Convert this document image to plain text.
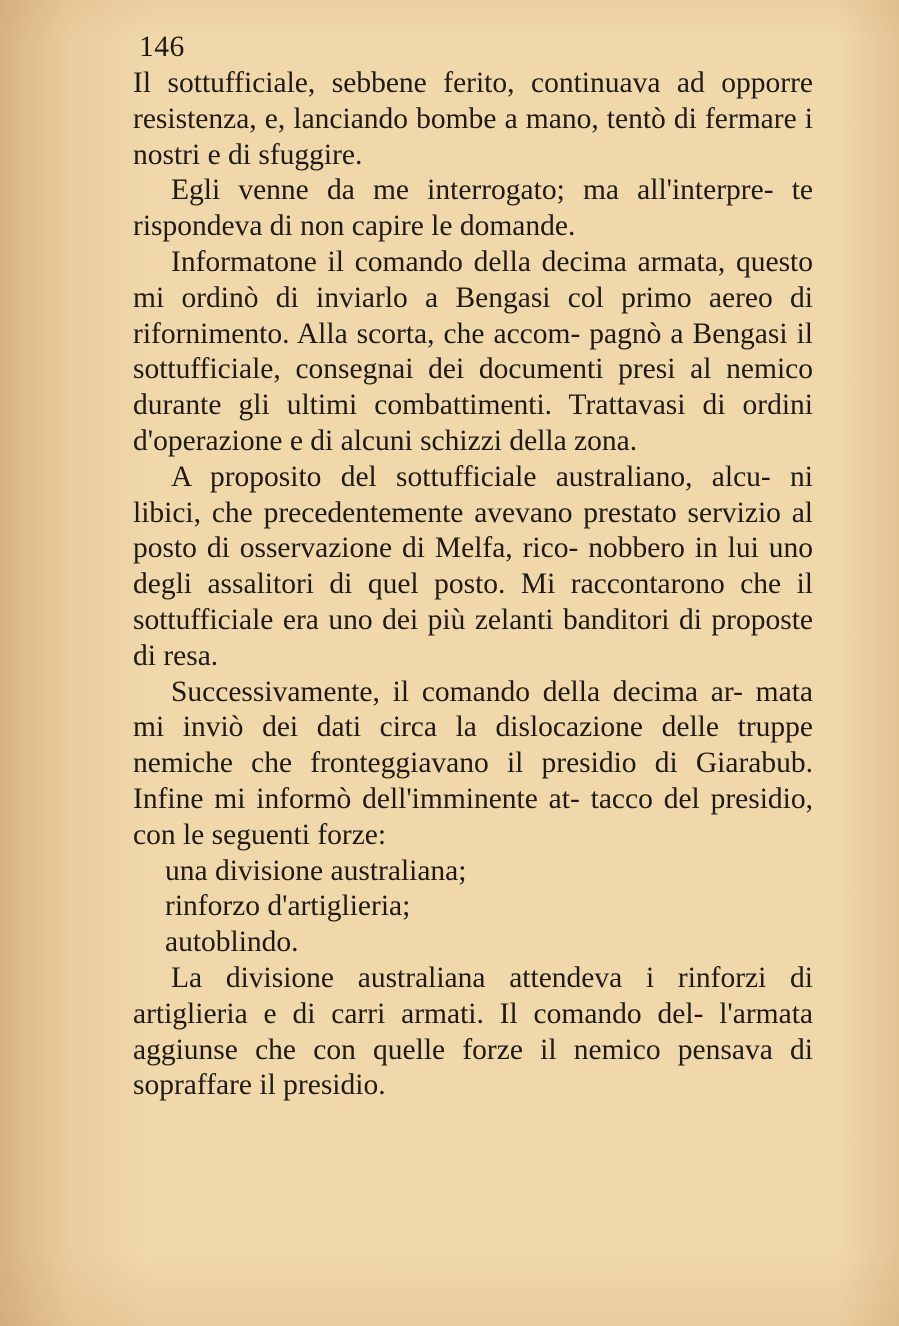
146

Il sottufficiale, sebbene ferito, continuava ad opporre resistenza, e, lanciando bombe a mano, tentò di fermare i nostri e di sfuggire.

Egli venne da me interrogato; ma all'interpre- te rispondeva di non capire le domande.

Informatone il comando della decima armata, questo mi ordinò di inviarlo a Bengasi col primo aereo di rifornimento. Alla scorta, che accom- pagnò a Bengasi il sottufficiale, consegnai dei documenti presi al nemico durante gli ultimi combattimenti. Trattavasi di ordini d'operazione e di alcuni schizzi della zona.

A proposito del sottufficiale australiano, alcu- ni libici, che precedentemente avevano prestato servizio al posto di osservazione di Melfa, rico- nobbero in lui uno degli assalitori di quel posto. Mi raccontarono che il sottufficiale era uno dei più zelanti banditori di proposte di resa.

Successivamente, il comando della decima ar- mata mi inviò dei dati circa la dislocazione delle truppe nemiche che fronteggiavano il presidio di Giarabub. Infine mi informò dell'imminente at- tacco del presidio, con le seguenti forze:

una divisione australiana;

rinforzo d'artiglieria;

autoblindo.

La divisione australiana attendeva i rinforzi di artiglieria e di carri armati. Il comando del- l'armata aggiunse che con quelle forze il nemico pensava di sopraffare il presidio.
